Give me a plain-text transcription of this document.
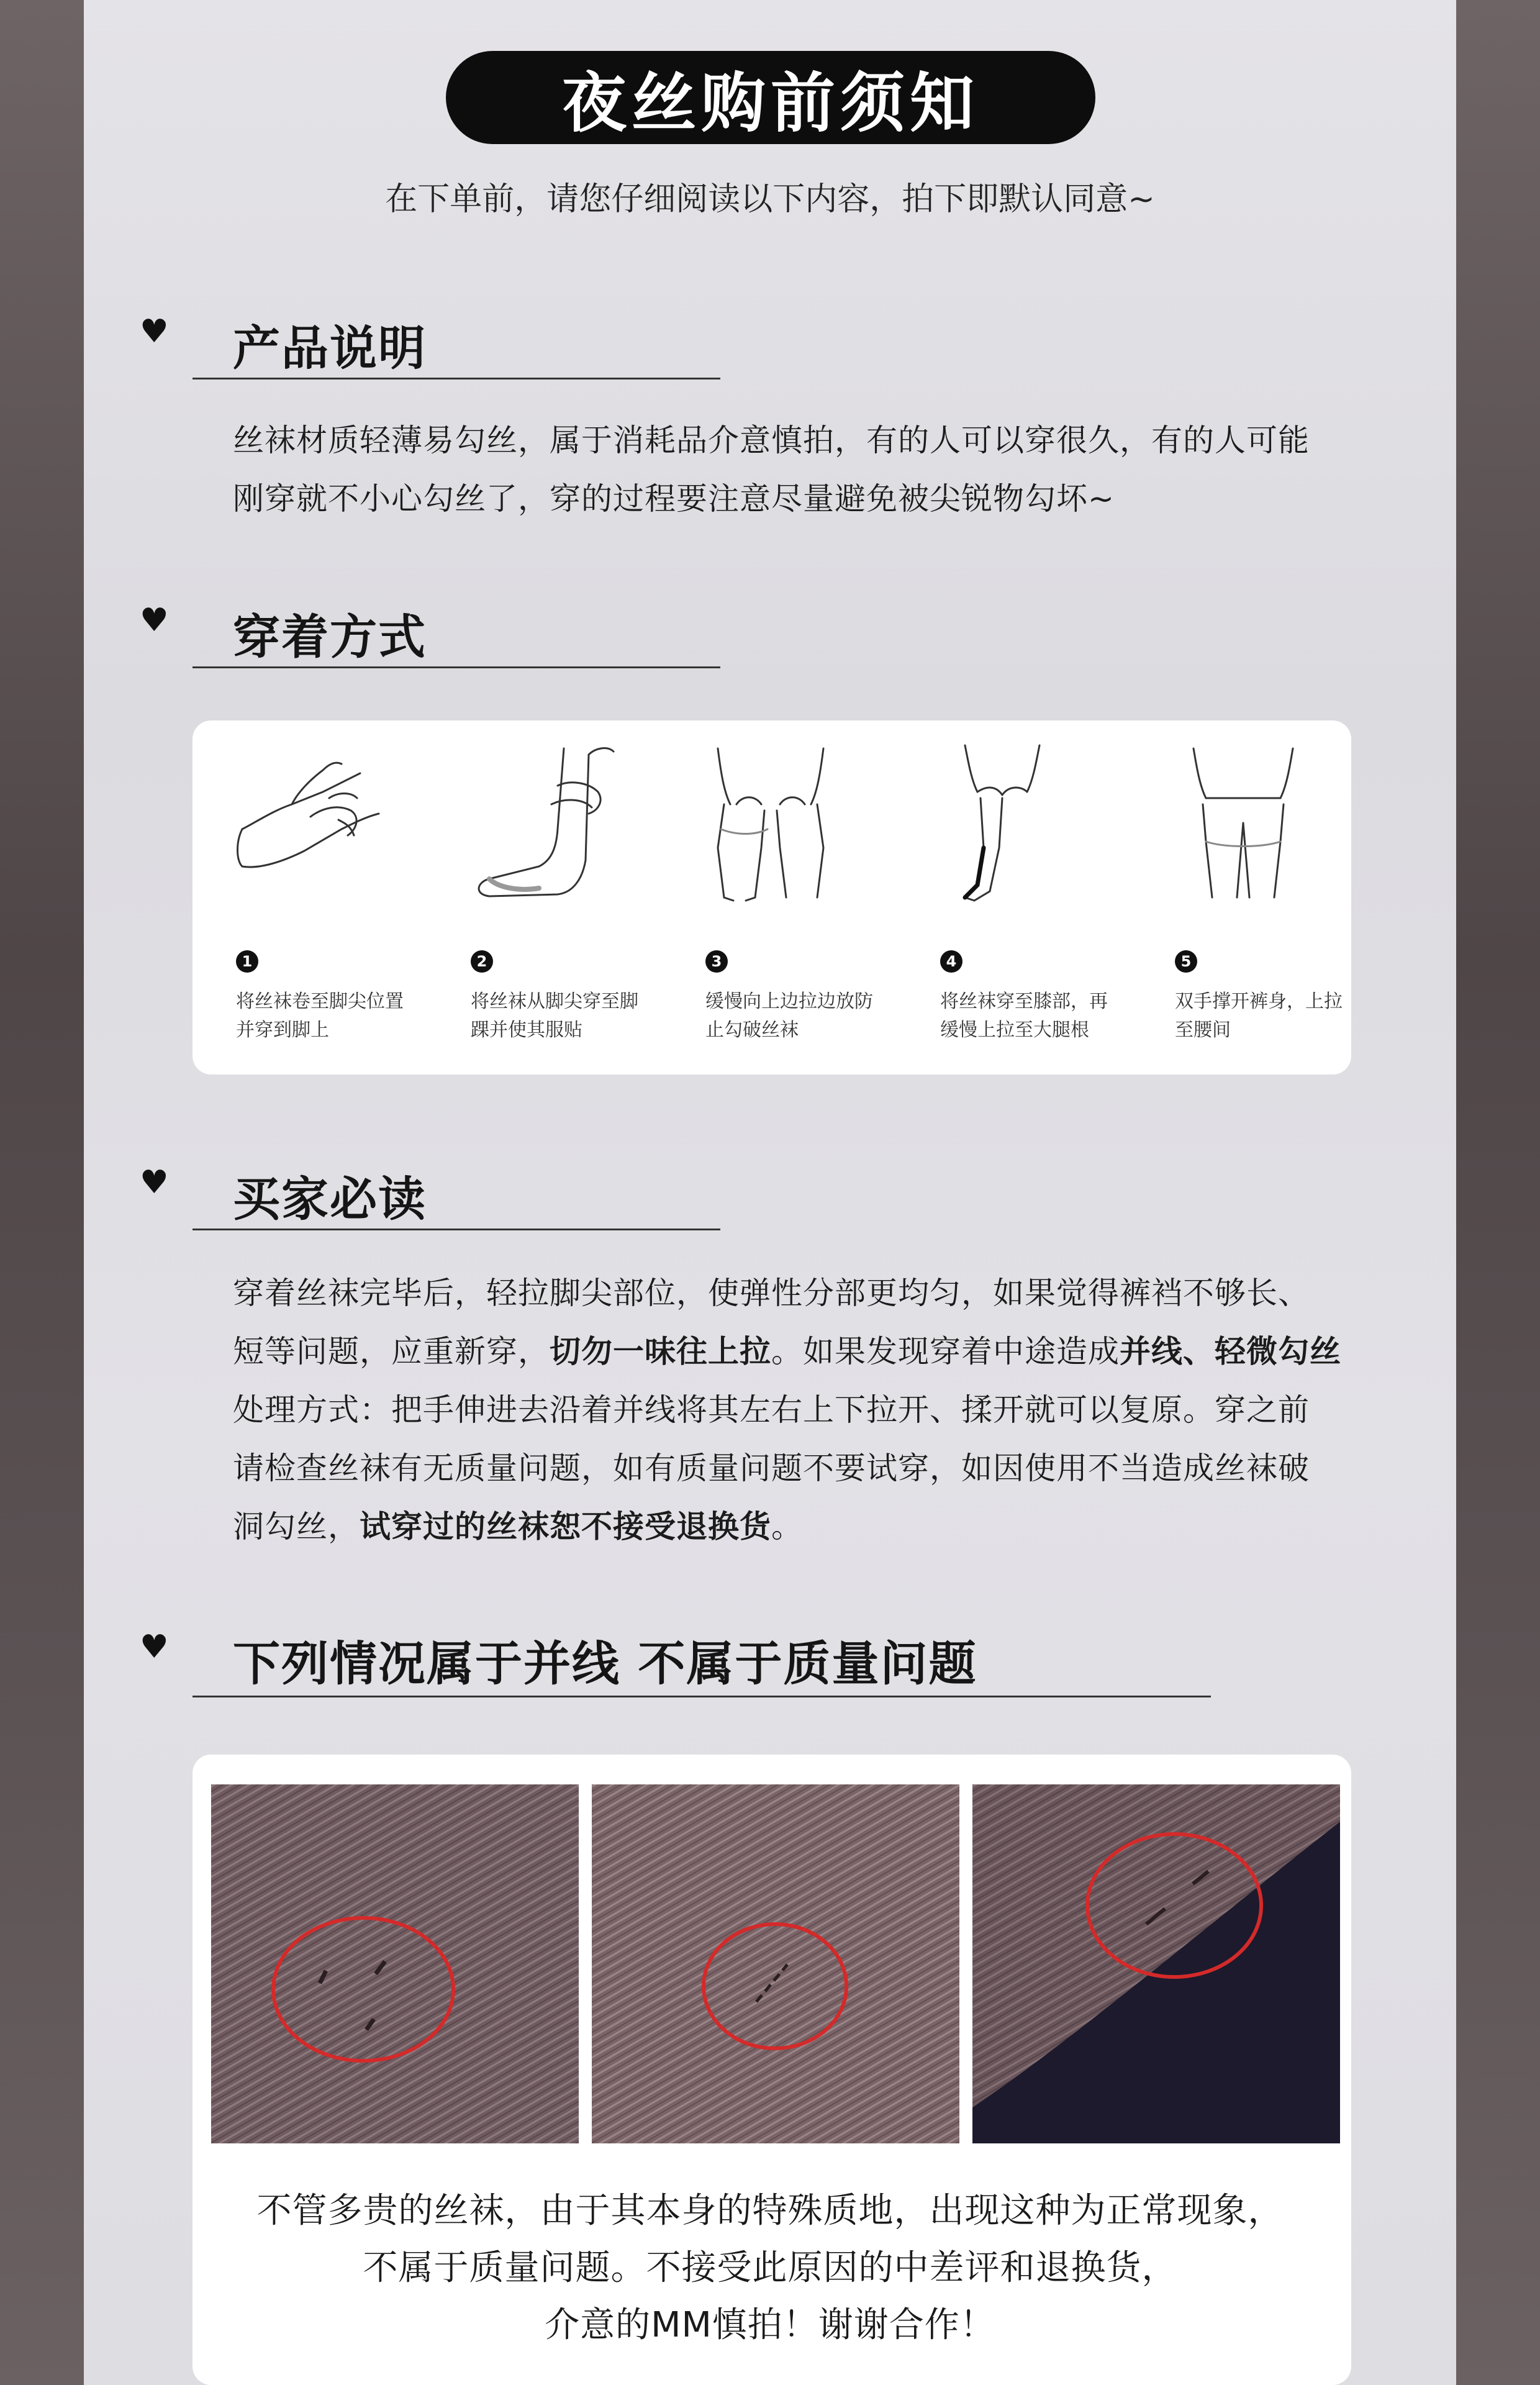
夜丝购前须知
在下单前，请您仔细阅读以下内容，拍下即默认同意~
♥ 产品说明
丝袜材质轻薄易勾丝，属于消耗品介意慎拍，有的人可以穿很久，有的人可能
刚穿就不小心勾丝了，穿的过程要注意尽量避免被尖锐物勾坏~
♥ 穿着方式
1
将丝袜卷至脚尖位置并穿到脚上
2
将丝袜从脚尖穿至脚踝并使其服贴
3
缓慢向上边拉边放防止勾破丝袜
4
将丝袜穿至膝部，再缓慢上拉至大腿根
5
双手撑开裤身，上拉至腰间
♥ 买家必读
穿着丝袜完毕后，轻拉脚尖部位，使弹性分部更均匀，如果觉得裤裆不够长、
短等问题，应重新穿，切勿一味往上拉。如果发现穿着中途造成并线、轻微勾丝
处理方式：把手伸进去沿着并线将其左右上下拉开、揉开就可以复原。穿之前
请检查丝袜有无质量问题，如有质量问题不要试穿，如因使用不当造成丝袜破
洞勾丝，试穿过的丝袜恕不接受退换货。
♥ 下列情况属于并线 不属于质量问题
不管多贵的丝袜，由于其本身的特殊质地，出现这种为正常现象，
不属于质量问题。不接受此原因的中差评和退换货，
介意的MM慎拍！谢谢合作！
